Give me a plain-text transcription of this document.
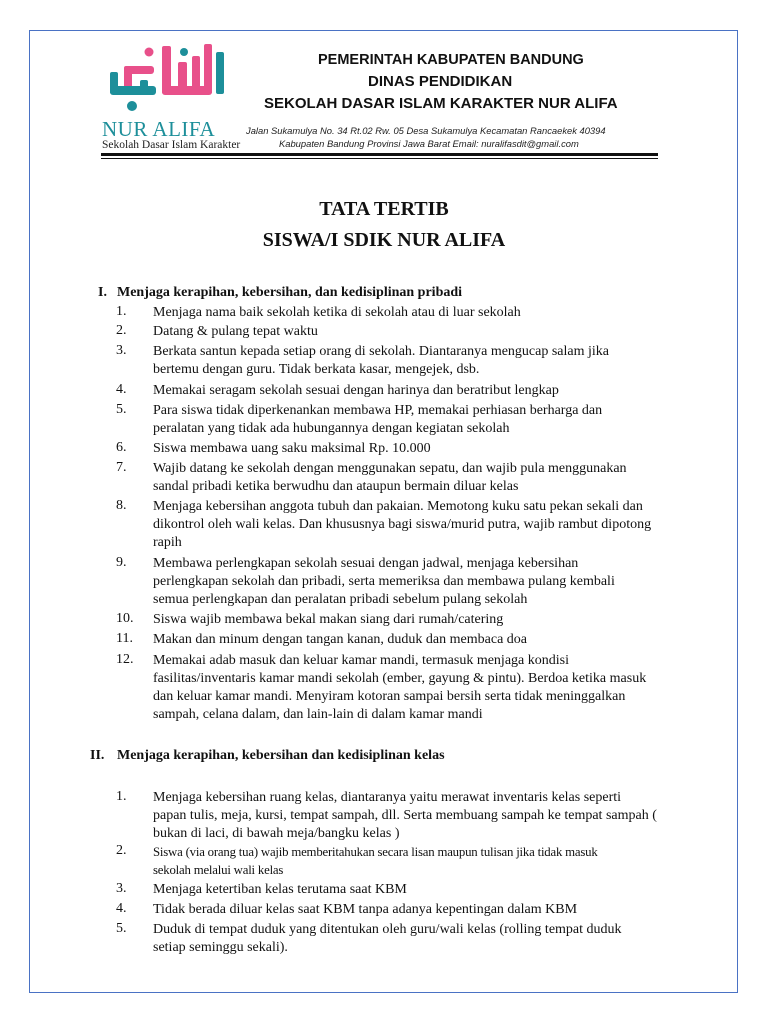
NUR ALIFA
Sekolah Dasar Islam Karakter
PEMERINTAH KABUPATEN BANDUNG
DINAS PENDIDIKAN
SEKOLAH DASAR ISLAM KARAKTER NUR ALIFA
Jalan Sukamulya No. 34 Rt.02 Rw. 05 Desa Sukamulya Kecamatan Rancaekek 40394
Kabupaten Bandung Provinsi Jawa Barat Email: nuralifasdit@gmail.com
TATA TERTIB
SISWA/I SDIK NUR ALIFA
I. Menjaga kerapihan, kebersihan, dan kedisiplinan pribadi
1. Menjaga nama baik sekolah ketika di sekolah atau di luar sekolah
2. Datang & pulang tepat waktu
3. Berkata santun kepada setiap orang di sekolah. Diantaranya mengucap salam jika
bertemu dengan guru. Tidak berkata kasar, mengejek, dsb.
4. Memakai seragam sekolah sesuai dengan harinya dan beratribut lengkap
5. Para siswa tidak diperkenankan membawa HP, memakai perhiasan berharga dan
peralatan yang tidak ada hubungannya dengan kegiatan sekolah
6. Siswa membawa uang saku maksimal Rp. 10.000
7. Wajib datang ke sekolah dengan menggunakan sepatu, dan wajib pula menggunakan
sandal pribadi ketika berwudhu dan ataupun bermain diluar kelas
8. Menjaga kebersihan anggota tubuh dan pakaian. Memotong kuku satu pekan sekali dan
dikontrol oleh wali kelas. Dan khususnya bagi siswa/murid putra, wajib rambut dipotong
rapih
9. Membawa perlengkapan sekolah sesuai dengan jadwal, menjaga kebersihan
perlengkapan sekolah dan pribadi, serta memeriksa dan membawa pulang kembali
semua perlengkapan dan peralatan pribadi sebelum pulang sekolah
10. Siswa wajib membawa bekal makan siang dari rumah/catering
11. Makan dan minum dengan tangan kanan, duduk dan membaca doa
12. Memakai adab masuk dan keluar kamar mandi, termasuk menjaga kondisi
fasilitas/inventaris kamar mandi sekolah (ember, gayung & pintu). Berdoa ketika masuk
dan keluar kamar mandi. Menyiram kotoran sampai bersih serta tidak meninggalkan
sampah, celana dalam, dan lain-lain di dalam kamar mandi
II. Menjaga kerapihan, kebersihan dan kedisiplinan kelas
1. Menjaga kebersihan ruang kelas, diantaranya yaitu merawat inventaris kelas seperti
papan tulis, meja, kursi, tempat sampah, dll. Serta membuang sampah ke tempat sampah (
bukan di laci, di bawah meja/bangku kelas )
2. Siswa (via orang tua) wajib memberitahukan secara lisan maupun tulisan jika tidak masuk
sekolah melalui wali kelas
3. Menjaga ketertiban kelas terutama saat KBM
4. Tidak berada diluar kelas saat KBM tanpa adanya kepentingan dalam KBM
5. Duduk di tempat duduk yang ditentukan oleh guru/wali kelas (rolling tempat duduk
setiap seminggu sekali).
